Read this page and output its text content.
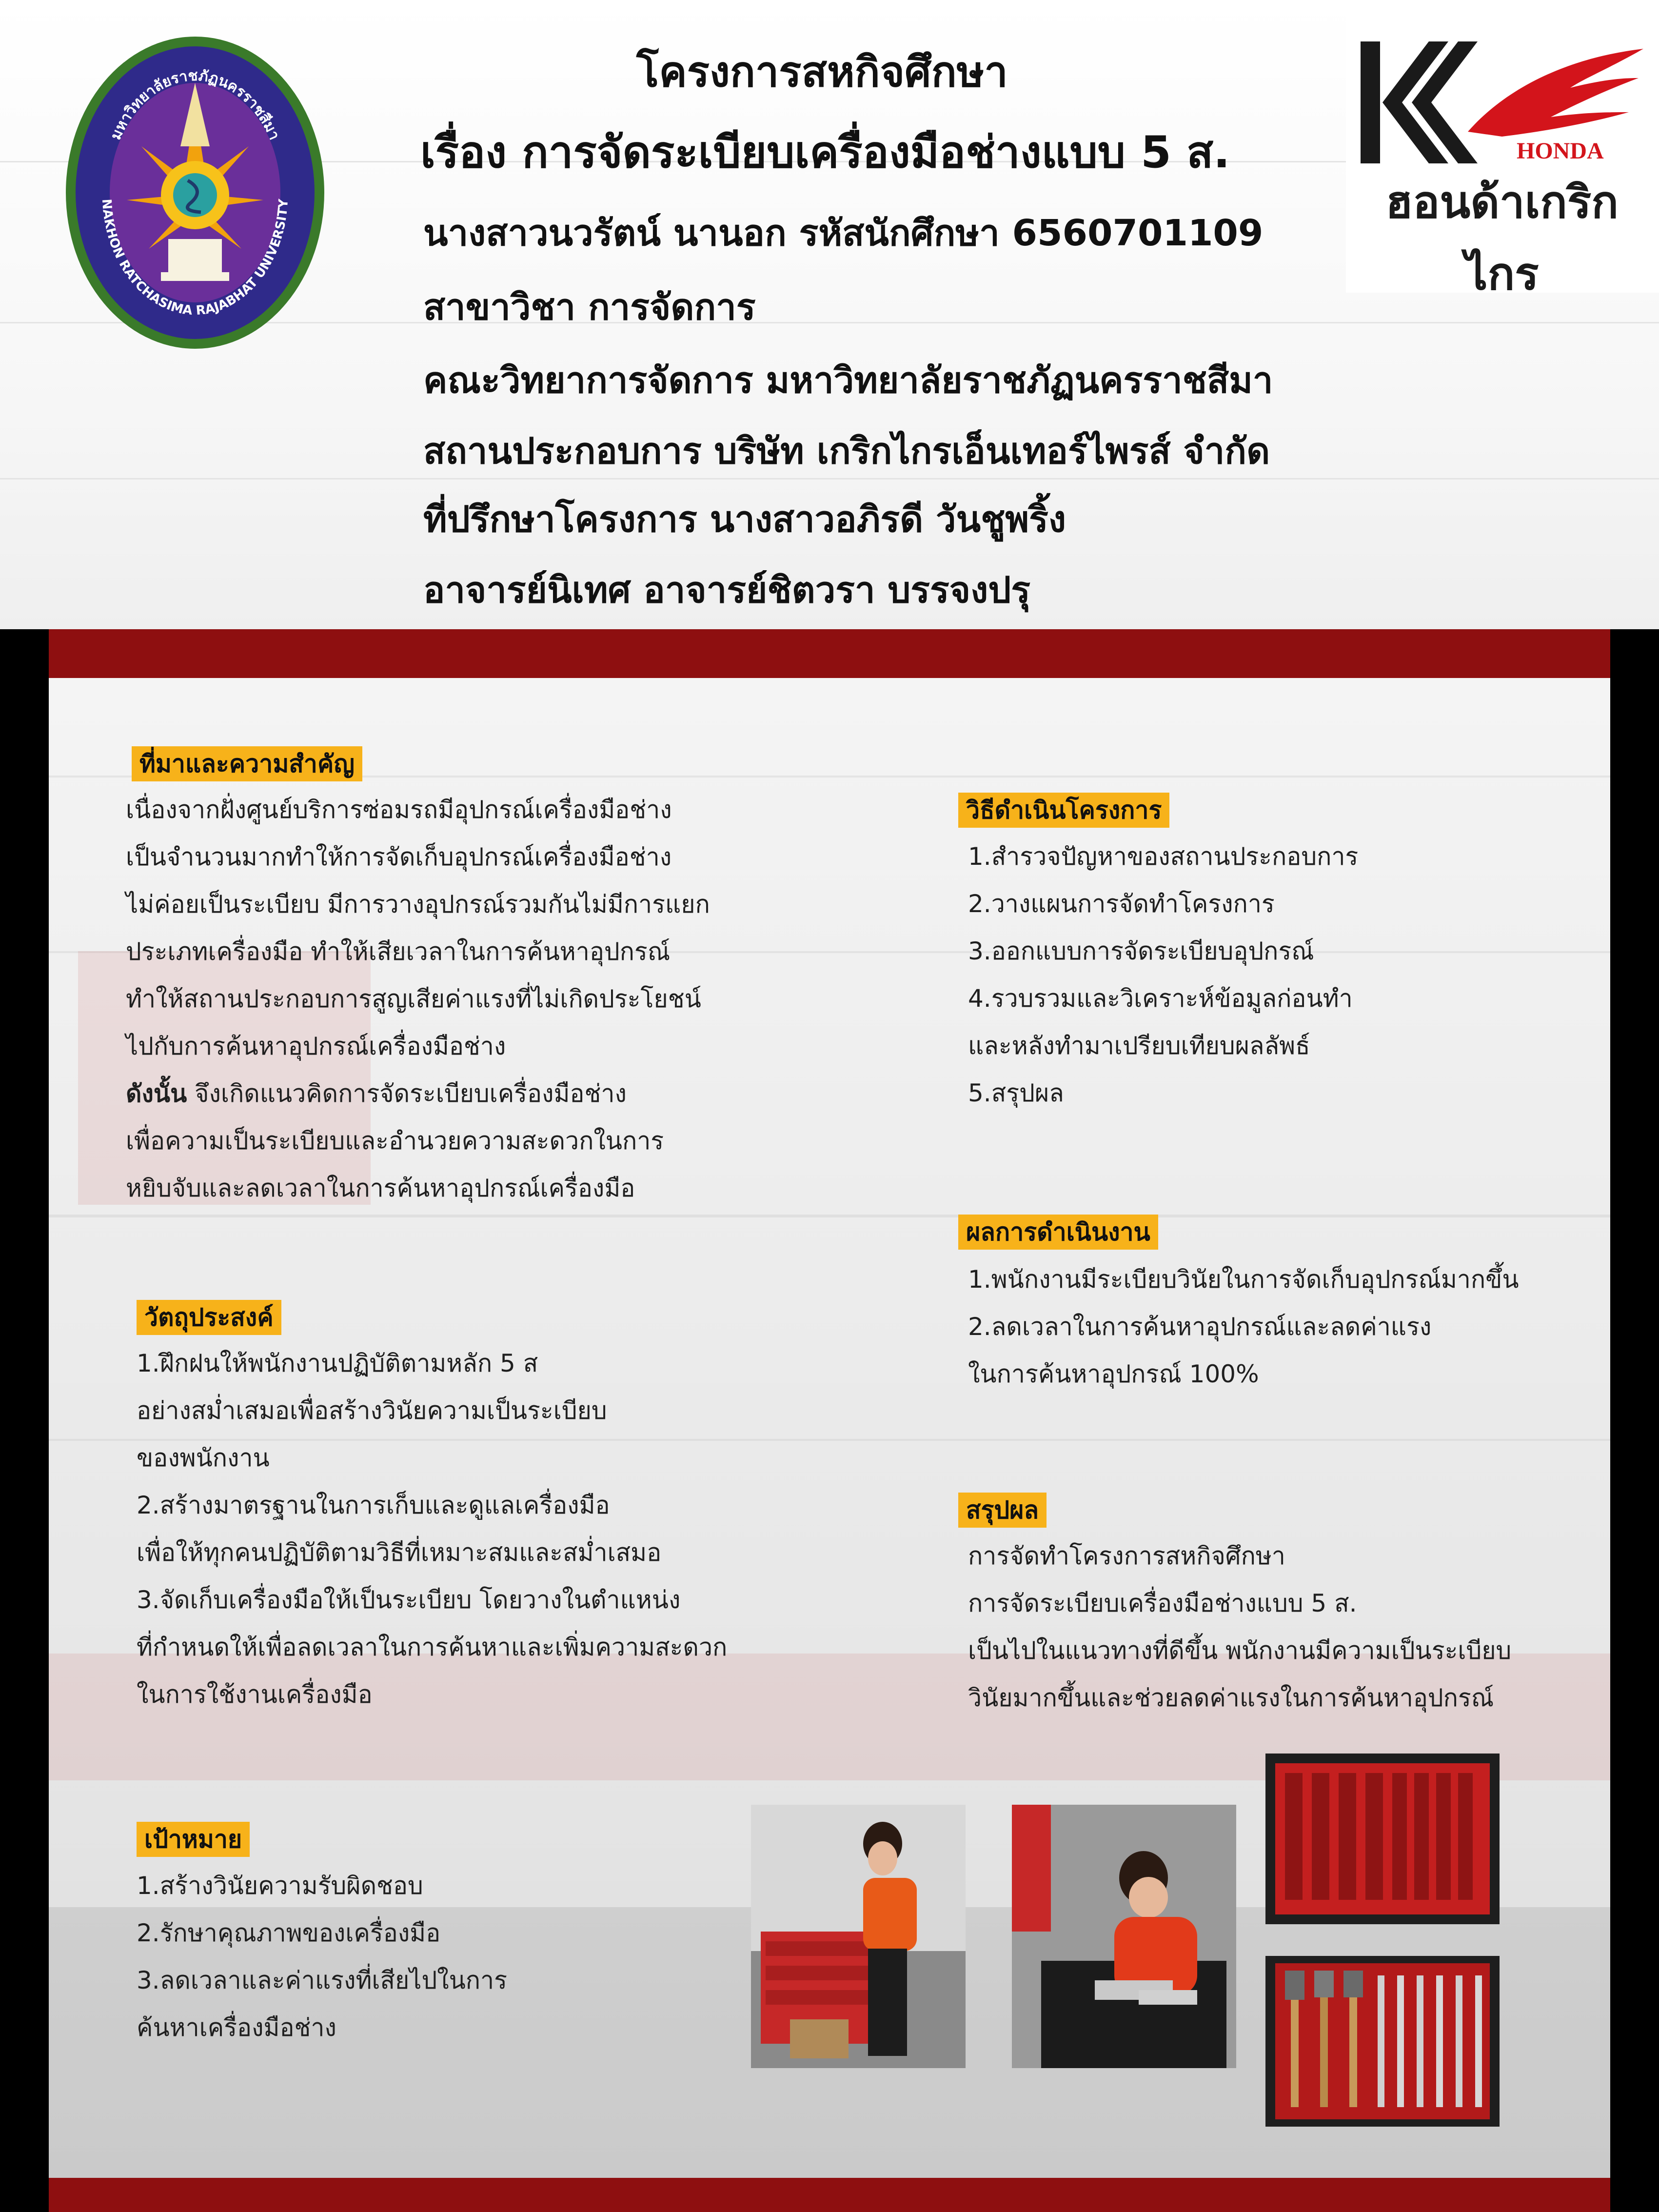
มหาวิทยาลัยราชภัฏนครราชสีมา
NAKHON RATCHASIMA RAJABHAT UNIVERSITY
โครงการสหกิจศึกษา
เรื่อง การจัดระเบียบเครื่องมือช่างแบบ 5 ส.
นางสาวนวรัตน์ นานอก รหัสนักศึกษา 6560701109
สาขาวิชา การจัดการ
คณะวิทยาการจัดการ มหาวิทยาลัยราชภัฏนครราชสีมา
สถานประกอบการ บริษัท เกริกไกรเอ็นเทอร์ไพรส์ จำกัด
ที่ปรึกษาโครงการ นางสาวอภิรดี วันชูพริ้ง
อาจารย์นิเทศ อาจารย์ชิตวรา บรรจงปรุ
HONDA
ฮอนด้าเกริกไกร
ที่มาและความสำคัญ
เนื่องจากฝั่งศูนย์บริการซ่อมรถมีอุปกรณ์เครื่องมือช่าง
เป็นจำนวนมากทำให้การจัดเก็บอุปกรณ์เครื่องมือช่าง
ไม่ค่อยเป็นระเบียบ มีการวางอุปกรณ์รวมกันไม่มีการแยก
ประเภทเครื่องมือ ทำให้เสียเวลาในการค้นหาอุปกรณ์
ทำให้สถานประกอบการสูญเสียค่าแรงที่ไม่เกิดประโยชน์
ไปกับการค้นหาอุปกรณ์เครื่องมือช่าง
ดังนั้น จึงเกิดแนวคิดการจัดระเบียบเครื่องมือช่าง
เพื่อความเป็นระเบียบและอำนวยความสะดวกในการ
หยิบจับและลดเวลาในการค้นหาอุปกรณ์เครื่องมือ
วัตถุประสงค์
1.ฝึกฝนให้พนักงานปฏิบัติตามหลัก 5 ส
อย่างสม่ำเสมอเพื่อสร้างวินัยความเป็นระเบียบ
ของพนักงาน
2.สร้างมาตรฐานในการเก็บและดูแลเครื่องมือ
เพื่อให้ทุกคนปฏิบัติตามวิธีที่เหมาะสมและสม่ำเสมอ
3.จัดเก็บเครื่องมือให้เป็นระเบียบ โดยวางในตำแหน่ง
ที่กำหนดให้เพื่อลดเวลาในการค้นหาและเพิ่มความสะดวก
ในการใช้งานเครื่องมือ
เป้าหมาย
1.สร้างวินัยความรับผิดชอบ
2.รักษาคุณภาพของเครื่องมือ
3.ลดเวลาและค่าแรงที่เสียไปในการ
ค้นหาเครื่องมือช่าง
วิธีดำเนินโครงการ
1.สำรวจปัญหาของสถานประกอบการ
2.วางแผนการจัดทำโครงการ
3.ออกแบบการจัดระเบียบอุปกรณ์
4.รวบรวมและวิเคราะห์ข้อมูลก่อนทำ
และหลังทำมาเปรียบเทียบผลลัพธ์
5.สรุปผล
ผลการดำเนินงาน
1.พนักงานมีระเบียบวินัยในการจัดเก็บอุปกรณ์มากขึ้น
2.ลดเวลาในการค้นหาอุปกรณ์และลดค่าแรง
ในการค้นหาอุปกรณ์ 100%
สรุปผล
การจัดทำโครงการสหกิจศึกษา
การจัดระเบียบเครื่องมือช่างแบบ 5 ส.
เป็นไปในแนวทางที่ดีขึ้น พนักงานมีความเป็นระเบียบ
วินัยมากขึ้นและช่วยลดค่าแรงในการค้นหาอุปกรณ์
